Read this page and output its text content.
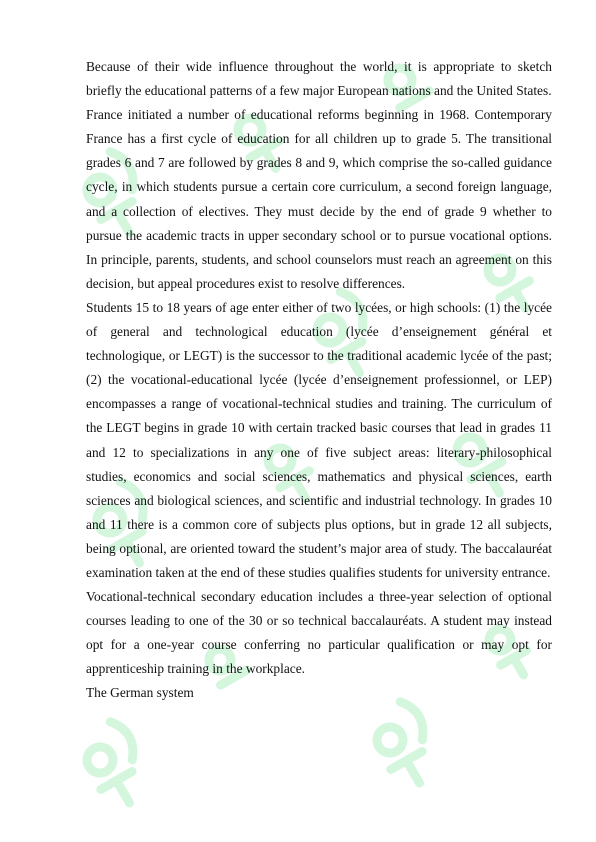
Because of their wide influence throughout the world, it is appropriate to sketch briefly the educational patterns of a few major European nations and the United States.

France initiated a number of educational reforms beginning in 1968. Contemporary France has a first cycle of education for all children up to grade 5. The transitional grades 6 and 7 are followed by grades 8 and 9, which comprise the so-called guidance cycle, in which students pursue a certain core curriculum, a second foreign language, and a collection of electives. They must decide by the end of grade 9 whether to pursue the academic tracts in upper secondary school or to pursue vocational options. In principle, parents, students, and school counselors must reach an agreement on this decision, but appeal procedures exist to resolve differences.

Students 15 to 18 years of age enter either of two lycées, or high schools: (1) the lycée of general and technological education (lycée d’enseignement général et technologique, or LEGT) is the successor to the traditional academic lycée of the past; (2) the vocational-educational lycée (lycée d’enseignement professionnel, or LEP) encompasses a range of vocational-technical studies and training. The curriculum of the LEGT begins in grade 10 with certain tracked basic courses that lead in grades 11 and 12 to specializations in any one of five subject areas: literary-philosophical studies, economics and social sciences, mathematics and physical sciences, earth sciences and biological sciences, and scientific and industrial technology. In grades 10 and 11 there is a common core of subjects plus options, but in grade 12 all subjects, being optional, are oriented toward the student’s major area of study. The baccalauréat examination taken at the end of these studies qualifies students for university entrance.

Vocational-technical secondary education includes a three-year selection of optional courses leading to one of the 30 or so technical baccalauréats. A student may instead opt for a one-year course conferring no particular qualification or may opt for apprenticeship training in the workplace.

The German system
